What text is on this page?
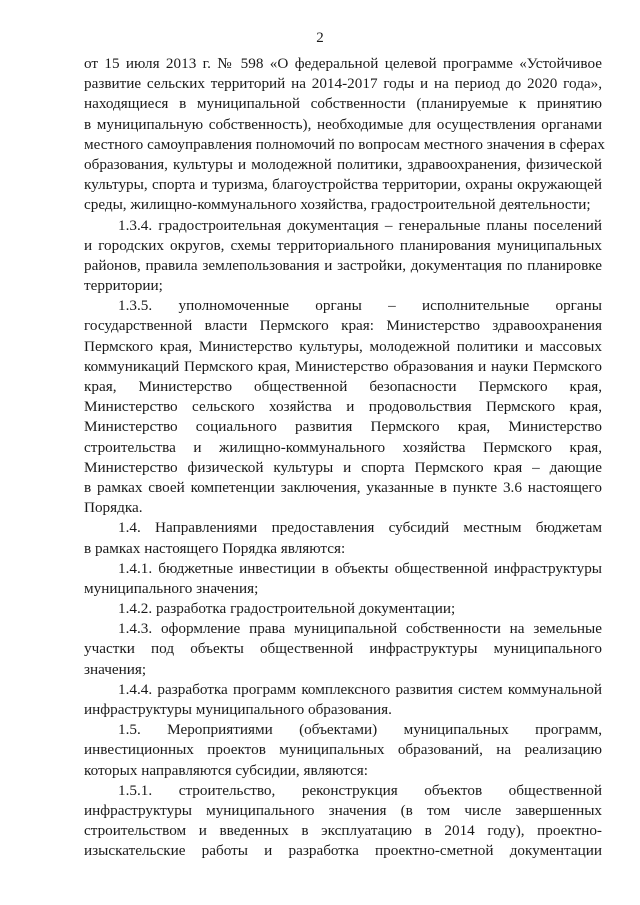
2
от 15 июля 2013 г. № 598 «О федеральной целевой программе «Устойчивое
развитие сельских территорий на 2014-2017 годы и на период до 2020 года»,
находящиеся в муниципальной собственности (планируемые к принятию
в муниципальную собственность), необходимые для осуществления органами
местного самоуправления полномочий по вопросам местного значения в сферах
образования, культуры и молодежной политики, здравоохранения, физической
культуры, спорта и туризма, благоустройства территории, охраны окружающей
среды, жилищно-коммунального хозяйства, градостроительной деятельности;
1.3.4. градостроительная документация – генеральные планы поселений
и городских округов, схемы территориального планирования муниципальных
районов, правила землепользования и застройки, документация по планировке
территории;
1.3.5. уполномоченные органы – исполнительные органы
государственной власти Пермского края: Министерство здравоохранения
Пермского края, Министерство культуры, молодежной политики и массовых
коммуникаций Пермского края, Министерство образования и науки Пермского
края, Министерство общественной безопасности Пермского края,
Министерство сельского хозяйства и продовольствия Пермского края,
Министерство социального развития Пермского края, Министерство
строительства и жилищно-коммунального хозяйства Пермского края,
Министерство физической культуры и спорта Пермского края – дающие
в рамках своей компетенции заключения, указанные в пункте 3.6 настоящего
Порядка.
1.4. Направлениями предоставления субсидий местным бюджетам
в рамках настоящего Порядка являются:
1.4.1. бюджетные инвестиции в объекты общественной инфраструктуры
муниципального значения;
1.4.2. разработка градостроительной документации;
1.4.3. оформление права муниципальной собственности на земельные
участки под объекты общественной инфраструктуры муниципального
значения;
1.4.4. разработка программ комплексного развития систем коммунальной
инфраструктуры муниципального образования.
1.5. Мероприятиями (объектами) муниципальных программ,
инвестиционных проектов муниципальных образований, на реализацию
которых направляются субсидии, являются:
1.5.1. строительство, реконструкция объектов общественной
инфраструктуры муниципального значения (в том числе завершенных
строительством и введенных в эксплуатацию в 2014 году), проектно-
изыскательские работы и разработка проектно-сметной документации
